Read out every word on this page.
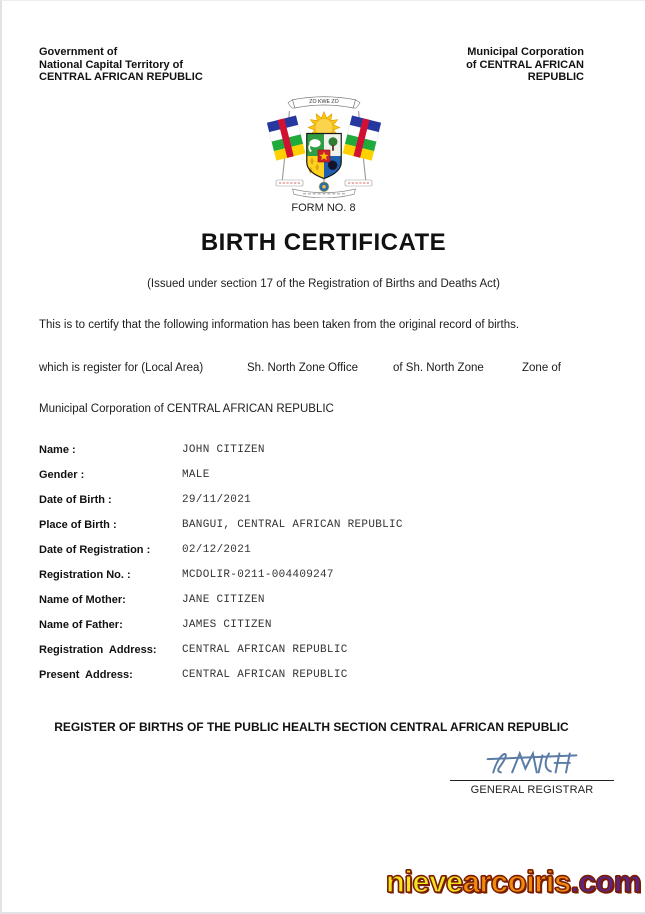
Government of
National Capital Territory of
CENTRAL AFRICAN REPUBLIC
Municipal Corporation
of CENTRAL AFRICAN
REPUBLIC
ZO KWE ZO
FORM NO. 8
BIRTH CERTIFICATE
(Issued under section 17 of the Registration of Births and Deaths Act)
This is to certify that the following information has been taken from the original record of births.
which is register for (Local Area)	Sh. North Zone Office	of Sh. North Zone	Zone of
Municipal Corporation of CENTRAL AFRICAN REPUBLIC
Name :	JOHN CITIZEN
Gender :	MALE
Date of Birth :	29/11/2021
Place of Birth :	BANGUI, CENTRAL AFRICAN REPUBLIC
Date of Registration :	02/12/2021
Registration No. :	MCDOLIR-0211-004409247
Name of Mother:	JANE CITIZEN
Name of Father:	JAMES CITIZEN
Registration  Address: CENTRAL AFRICAN REPUBLIC
Present  Address:	CENTRAL AFRICAN REPUBLIC
REGISTER OF BIRTHS OF THE PUBLIC HEALTH SECTION CENTRAL AFRICAN REPUBLIC
GENERAL REGISTRAR
nievearcoiris.com
